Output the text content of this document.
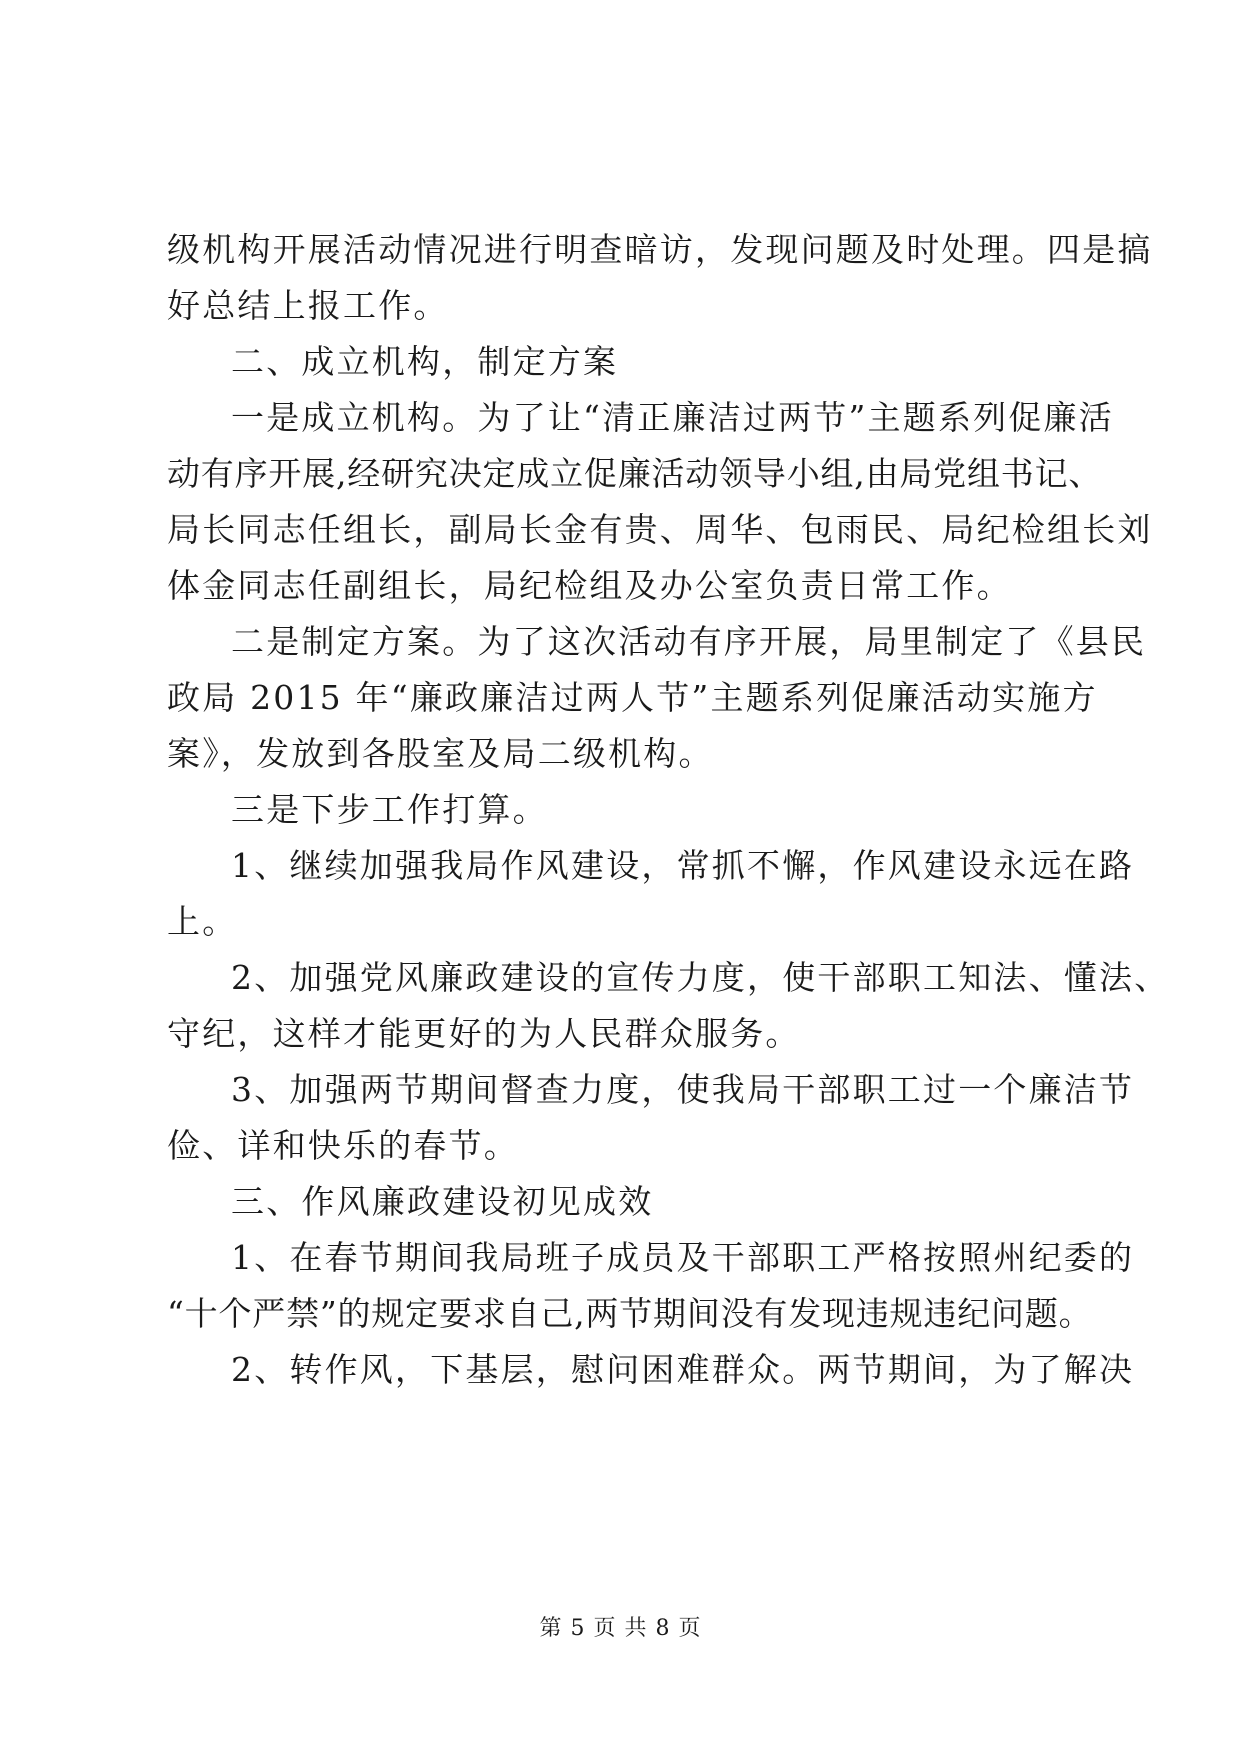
级机构开展活动情况进行明查暗访，发现问题及时处理。四是搞
好总结上报工作。
二、成立机构，制定方案
一是成立机构。为了让“清正廉洁过两节”主题系列促廉活
动有序开展,经研究决定成立促廉活动领导小组,由局党组书记、
局长同志任组长，副局长金有贵、周华、包雨民、局纪检组长刘
体金同志任副组长，局纪检组及办公室负责日常工作。
二是制定方案。为了这次活动有序开展，局里制定了《县民
政局 2015 年“廉政廉洁过两人节”主题系列促廉活动实施方
案》，发放到各股室及局二级机构。
三是下步工作打算。
1、继续加强我局作风建设，常抓不懈，作风建设永远在路
上。
2、加强党风廉政建设的宣传力度，使干部职工知法、懂法、
守纪，这样才能更好的为人民群众服务。
3、加强两节期间督查力度，使我局干部职工过一个廉洁节
俭、详和快乐的春节。
三、作风廉政建设初见成效
1、在春节期间我局班子成员及干部职工严格按照州纪委的
“十个严禁”的规定要求自己,两节期间没有发现违规违纪问题。
2、转作风，下基层，慰问困难群众。两节期间，为了解决
第 5 页 共 8 页
